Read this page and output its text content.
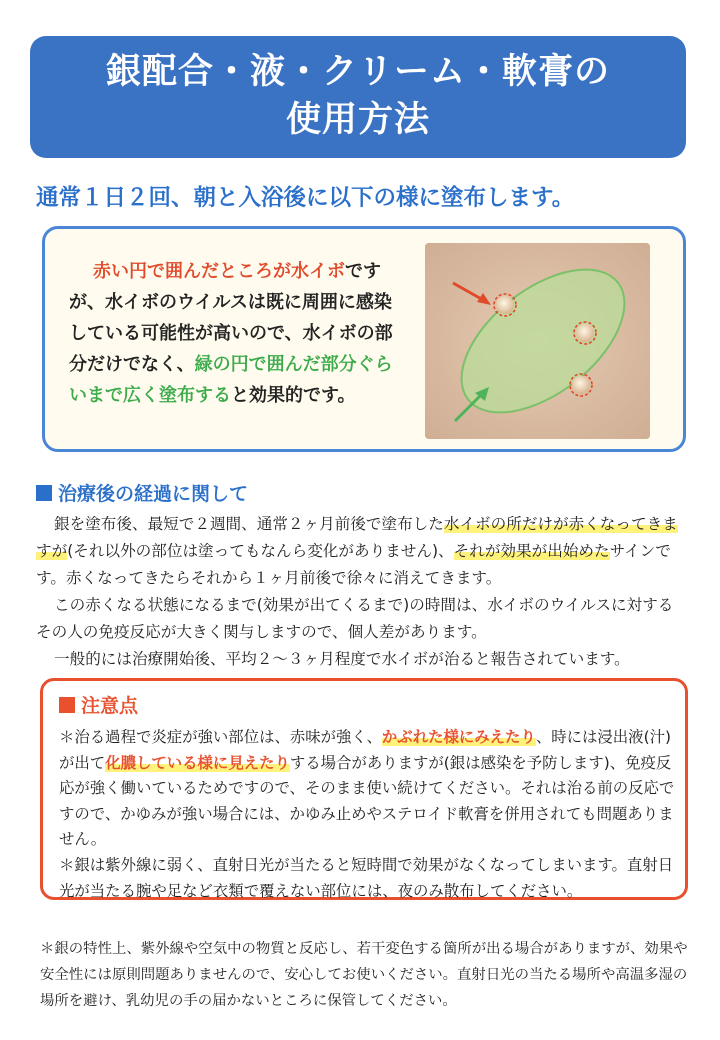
銀配合・液・クリーム・軟膏の
使用方法
通常１日２回、朝と入浴後に以下の様に塗布します。
赤い円で囲んだところが水イボですが、水イボのウイルスは既に周囲に感染している可能性が高いので、水イボの部分だけでなく、緑の円で囲んだ部分ぐらいまで広く塗布すると効果的です。
治療後の経過に関して
銀を塗布後、最短で２週間、通常２ヶ月前後で塗布した水イボの所だけが赤くなってきますが(それ以外の部位は塗ってもなんら変化がありません)、それが効果が出始めたサインです。赤くなってきたらそれから１ヶ月前後で徐々に消えてきます。
この赤くなる状態になるまで(効果が出てくるまで)の時間は、水イボのウイルスに対するその人の免疫反応が大きく関与しますので、個人差があります。
一般的には治療開始後、平均２～３ヶ月程度で水イボが治ると報告されています。
注意点
＊治る過程で炎症が強い部位は、赤味が強く、かぶれた様にみえたり、時には浸出液(汁)が出て化膿している様に見えたりする場合がありますが(銀は感染を予防します)、免疫反応が強く働いているためですので、そのまま使い続けてください。それは治る前の反応ですので、かゆみが強い場合には、かゆみ止めやステロイド軟膏を併用されても問題ありません。
＊銀は紫外線に弱く、直射日光が当たると短時間で効果がなくなってしまいます。直射日光が当たる腕や足など衣類で覆えない部位には、夜のみ散布してください。
＊銀の特性上、紫外線や空気中の物質と反応し、若干変色する箇所が出る場合がありますが、効果や安全性には原則問題ありませんので、安心してお使いください。直射日光の当たる場所や高温多湿の場所を避け、乳幼児の手の届かないところに保管してください。
